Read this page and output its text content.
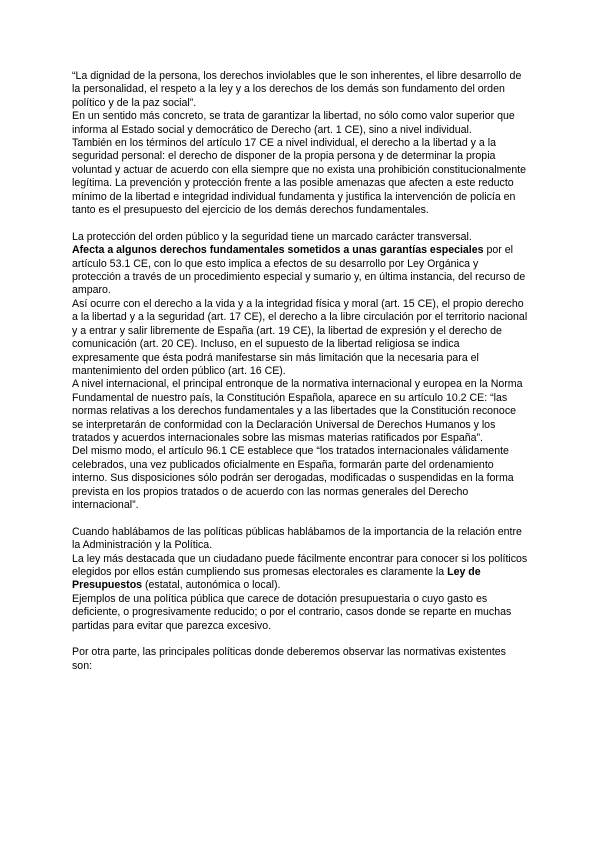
“La dignidad de la persona, los derechos inviolables que le son inherentes, el libre desarrollo de la personalidad, el respeto a la ley y a los derechos de los demás son fundamento del orden político y de la paz social”.

En un sentido más concreto, se trata de garantizar la libertad, no sólo como valor superior que informa al Estado social y democrático de Derecho (art. 1 CE), sino a nivel individual.

También en los términos del artículo 17 CE a nivel individual, el derecho a la libertad y a la seguridad personal: el derecho de disponer de la propia persona y de determinar la propia voluntad y actuar de acuerdo con ella siempre que no exista una prohibición constitucionalmente legítima. La prevención y protección frente a las posible amenazas que afecten a este reducto mínimo de la libertad e integridad individual fundamenta y justifica la intervención de policía en tanto es el presupuesto del ejercicio de los demás derechos fundamentales.

La protección del orden público y la seguridad tiene un marcado carácter transversal.

Afecta a algunos derechos fundamentales sometidos a unas garantías especiales por el artículo 53.1 CE, con lo que esto implica a efectos de su desarrollo por Ley Orgánica y protección a través de un procedimiento especial y sumario y, en última instancia, del recurso de amparo.

Así ocurre con el derecho a la vida y a la integridad física y moral (art. 15 CE), el propio derecho a la libertad y a la seguridad (art. 17 CE), el derecho a la libre circulación por el territorio nacional y a entrar y salir libremente de España (art. 19 CE), la libertad de expresión y el derecho de comunicación (art. 20 CE). Incluso, en el supuesto de la libertad religiosa se indica expresamente que ésta podrá manifestarse sin más limitación que la necesaria para el mantenimiento del orden público (art. 16 CE).

A nivel internacional, el principal entronque de la normativa internacional y europea en la Norma Fundamental de nuestro país, la Constitución Española, aparece en su artículo 10.2 CE: “las normas relativas a los derechos fundamentales y a las libertades que la Constitución reconoce se interpretarán de conformidad con la Declaración Universal de Derechos Humanos y los tratados y acuerdos internacionales sobre las mismas materias ratificados por España”.

Del mismo modo, el artículo 96.1 CE establece que “los tratados internacionales válidamente celebrados, una vez publicados oficialmente en España, formarán parte del ordenamiento interno. Sus disposiciones sólo podrán ser derogadas, modificadas o suspendidas en la forma prevista en los propios tratados o de acuerdo con las normas generales del Derecho internacional”.

Cuando hablábamos de las políticas públicas hablábamos de la importancia de la relación entre la Administración y la Política.

La ley más destacada que un ciudadano puede fácilmente encontrar para conocer si los políticos elegidos por ellos están cumpliendo sus promesas electorales es claramente la Ley de Presupuestos (estatal, autonómica o local).

Ejemplos de una política pública que carece de dotación presupuestaria o cuyo gasto es deficiente, o progresivamente reducido; o por el contrario, casos donde se reparte en muchas partidas para evitar que parezca excesivo.

Por otra parte, las principales políticas donde deberemos observar las normativas existentes son:
